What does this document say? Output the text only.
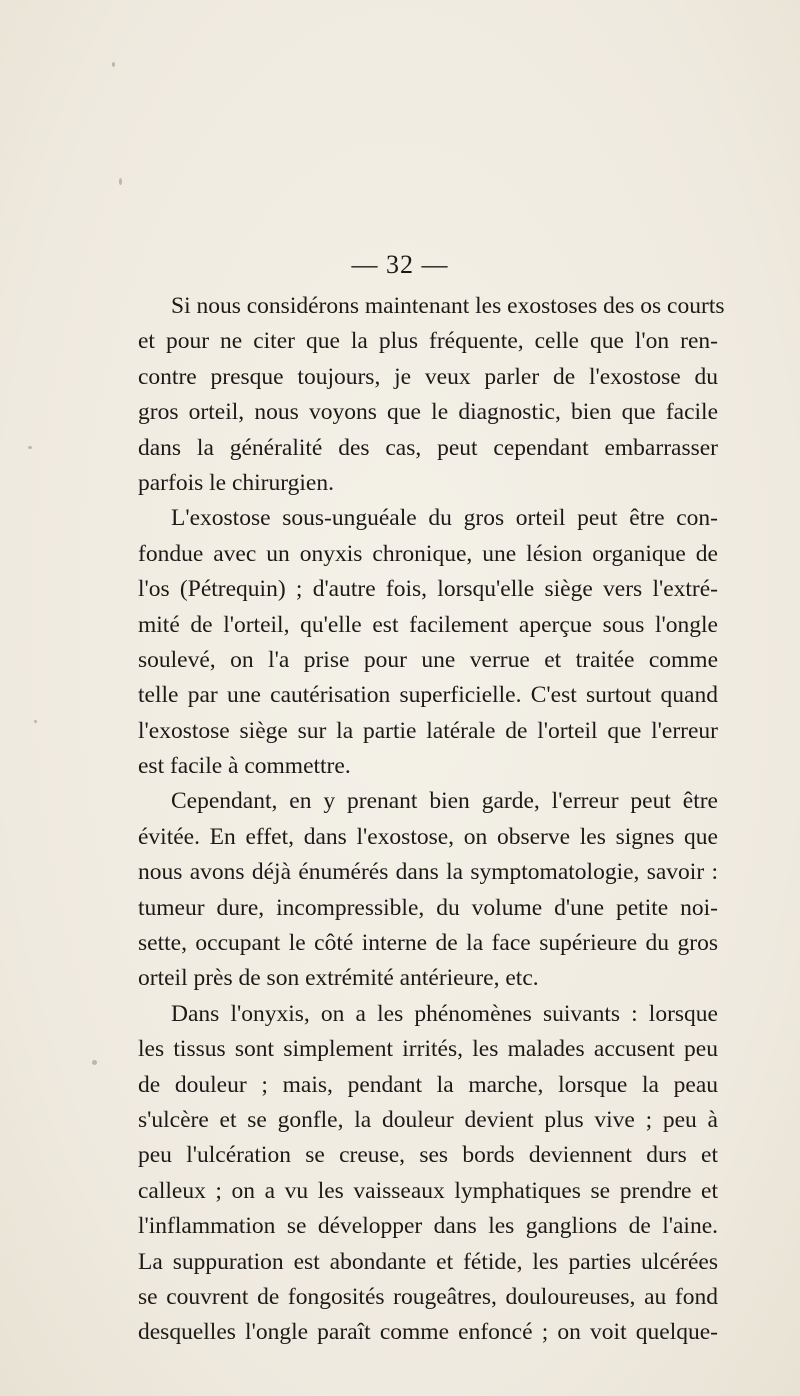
— 32 —
Si nous considérons maintenant les exostoses des os courts
et pour ne citer que la plus fréquente, celle que l'on ren-
contre presque toujours, je veux parler de l'exostose du
gros orteil, nous voyons que le diagnostic, bien que facile
dans la généralité des cas, peut cependant embarrasser
parfois le chirurgien.
L'exostose sous-unguéale du gros orteil peut être con-
fondue avec un onyxis chronique, une lésion organique de
l'os (Pétrequin) ; d'autre fois, lorsqu'elle siège vers l'extré-
mité de l'orteil, qu'elle est facilement aperçue sous l'ongle
soulevé, on l'a prise pour une verrue et traitée comme
telle par une cautérisation superficielle. C'est surtout quand
l'exostose siège sur la partie latérale de l'orteil que l'erreur
est facile à commettre.
Cependant, en y prenant bien garde, l'erreur peut être
évitée. En effet, dans l'exostose, on observe les signes que
nous avons déjà énumérés dans la symptomatologie, savoir :
tumeur dure, incompressible, du volume d'une petite noi-
sette, occupant le côté interne de la face supérieure du gros
orteil près de son extrémité antérieure, etc.
Dans l'onyxis, on a les phénomènes suivants : lorsque
les tissus sont simplement irrités, les malades accusent peu
de douleur ; mais, pendant la marche, lorsque la peau
s'ulcère et se gonfle, la douleur devient plus vive ; peu à
peu l'ulcération se creuse, ses bords deviennent durs et
calleux ; on a vu les vaisseaux lymphatiques se prendre et
l'inflammation se développer dans les ganglions de l'aine.
La suppuration est abondante et fétide, les parties ulcérées
se couvrent de fongosités rougeâtres, douloureuses, au fond
desquelles l'ongle paraît comme enfoncé ; on voit quelque-
